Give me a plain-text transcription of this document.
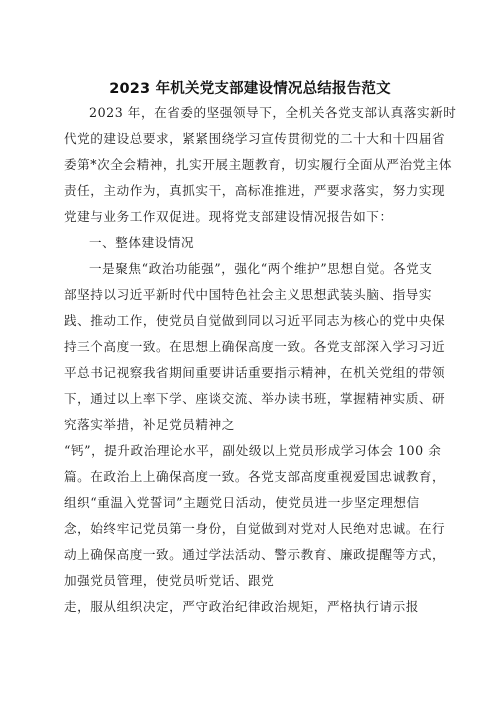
2023 年机关党支部建设情况总结报告范文
2023 年，在省委的坚强领导下，全机关各党支部认真落实新时
代党的建设总要求，紧紧围绕学习宣传贯彻党的二十大和十四届省
委第*次全会精神，扎实开展主题教育，切实履行全面从严治党主体
责任，主动作为，真抓实干，高标准推进，严要求落实，努力实现
党建与业务工作双促进。现将党支部建设情况报告如下：
一、整体建设情况
一是聚焦“政治功能强”，强化“两个维护”思想自觉。各党支
部坚持以习近平新时代中国特色社会主义思想武装头脑、指导实
践、推动工作，使党员自觉做到同以习近平同志为核心的党中央保
持三个高度一致。在思想上确保高度一致。各党支部深入学习习近
平总书记视察我省期间重要讲话重要指示精神，在机关党组的带领
下，通过以上率下学、座谈交流、举办读书班，掌握精神实质、研
究落实举措，补足党员精神之
“钙”，提升政治理论水平，副处级以上党员形成学习体会 100 余
篇。在政治上上确保高度一致。各党支部高度重视爱国忠诚教育，
组织“重温入党誓词”主题党日活动，使党员进一步坚定理想信
念，始终牢记党员第一身份，自觉做到对党对人民绝对忠诚。在行
动上确保高度一致。通过学法活动、警示教育、廉政提醒等方式，
加强党员管理，使党员听党话、跟党
走，服从组织决定，严守政治纪律政治规矩，严格执行请示报
